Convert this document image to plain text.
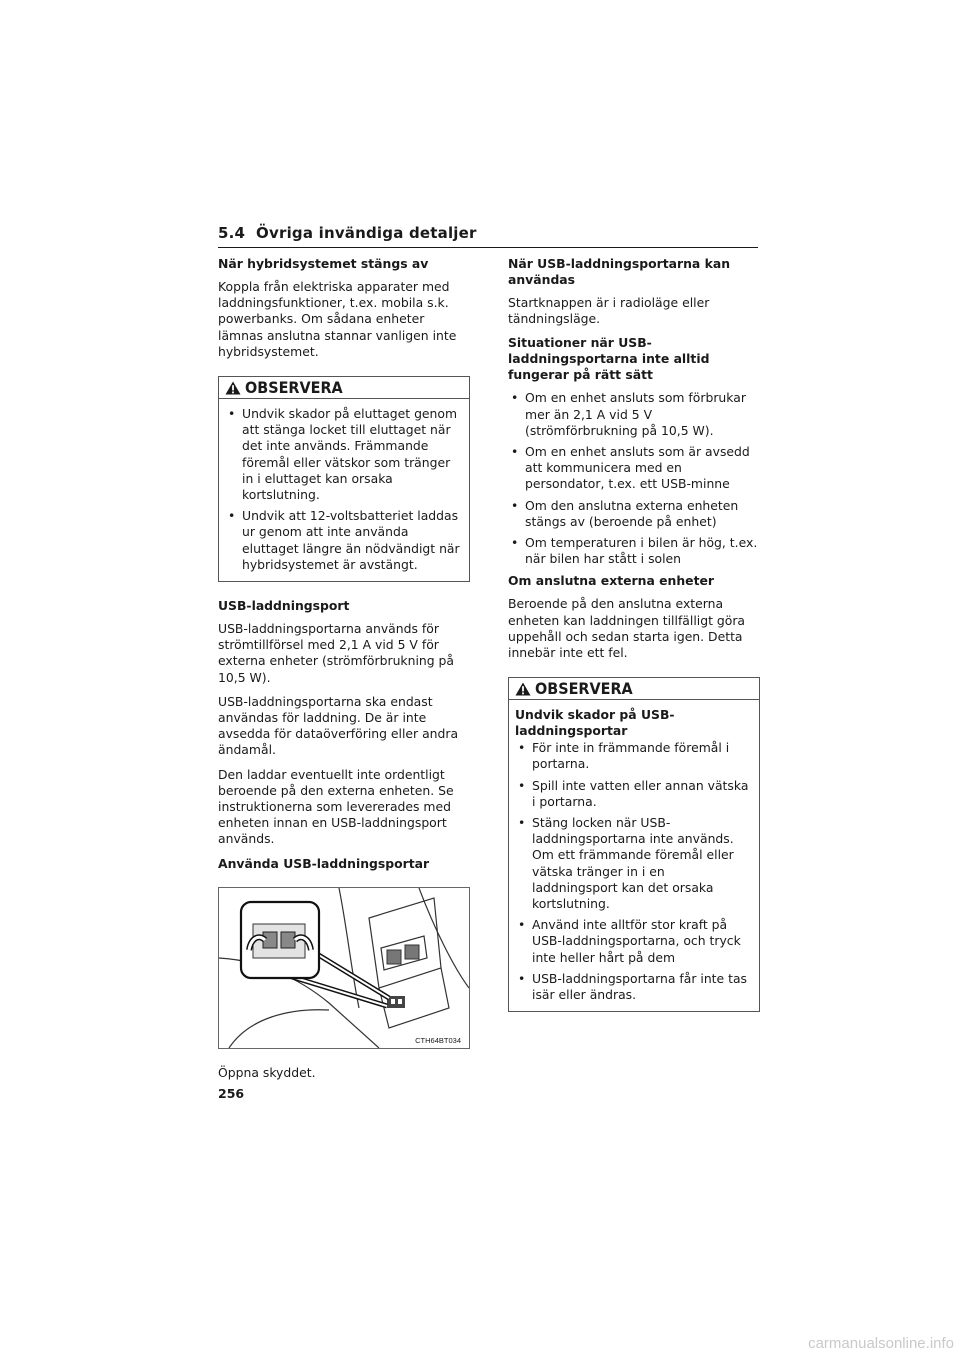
5.4 Övriga invändiga detaljer
När hybridsystemet stängs av

Koppla från elektriska apparater med laddningsfunktioner, t.ex. mobila s.k. powerbanks. Om sådana enheter lämnas anslutna stannar vanligen inte hybridsystemet.

OBSERVERA
• Undvik skador på eluttaget genom att stänga locket till eluttaget när det inte används. Främmande föremål eller vätskor som tränger in i eluttaget kan orsaka kortslutning.
• Undvik att 12-voltsbatteriet laddas ur genom att inte använda eluttaget längre än nödvändigt när hybridsystemet är avstängt.
USB-laddningsport

USB-laddningsportarna används för strömtillförsel med 2,1 A vid 5 V för externa enheter (strömförbrukning på 10,5 W).

USB-laddningsportarna ska endast användas för laddning. De är inte avsedda för dataöverföring eller andra ändamål.

Den laddar eventuellt inte ordentligt beroende på den externa enheten. Se instruktionerna som levererades med enheten innan en USB-laddningsport används.

Använda USB-laddningsportar
CTH64BT034

Öppna skyddet.

När USB-laddningsportarna kan användas

Startknappen är i radioläge eller tändningsläge.

Situationer när USB-laddningsportarna inte alltid fungerar på rätt sätt
• Om en enhet ansluts som förbrukar mer än 2,1 A vid 5 V (strömförbrukning på 10,5 W).
• Om en enhet ansluts som är avsedd att kommunicera med en persondator, t.ex. ett USB-minne
• Om den anslutna externa enheten stängs av (beroende på enhet)
• Om temperaturen i bilen är hög, t.ex. när bilen har stått i solen
Om anslutna externa enheter

Beroende på den anslutna externa enheten kan laddningen tillfälligt göra uppehåll och sedan starta igen. Detta innebär inte ett fel.

OBSERVERA
Undvik skador på USB-laddningsportar
• För inte in främmande föremål i portarna.
• Spill inte vatten eller annan vätska i portarna.
• Stäng locken när USB-laddningsportarna inte används. Om ett främmande föremål eller vätska tränger in i en laddningsport kan det orsaka kortslutning.
• Använd inte alltför stor kraft på USB-laddningsportarna, och tryck inte heller hårt på dem
• USB-laddningsportarna får inte tas isär eller ändras.
256
carmanualsonline.info
